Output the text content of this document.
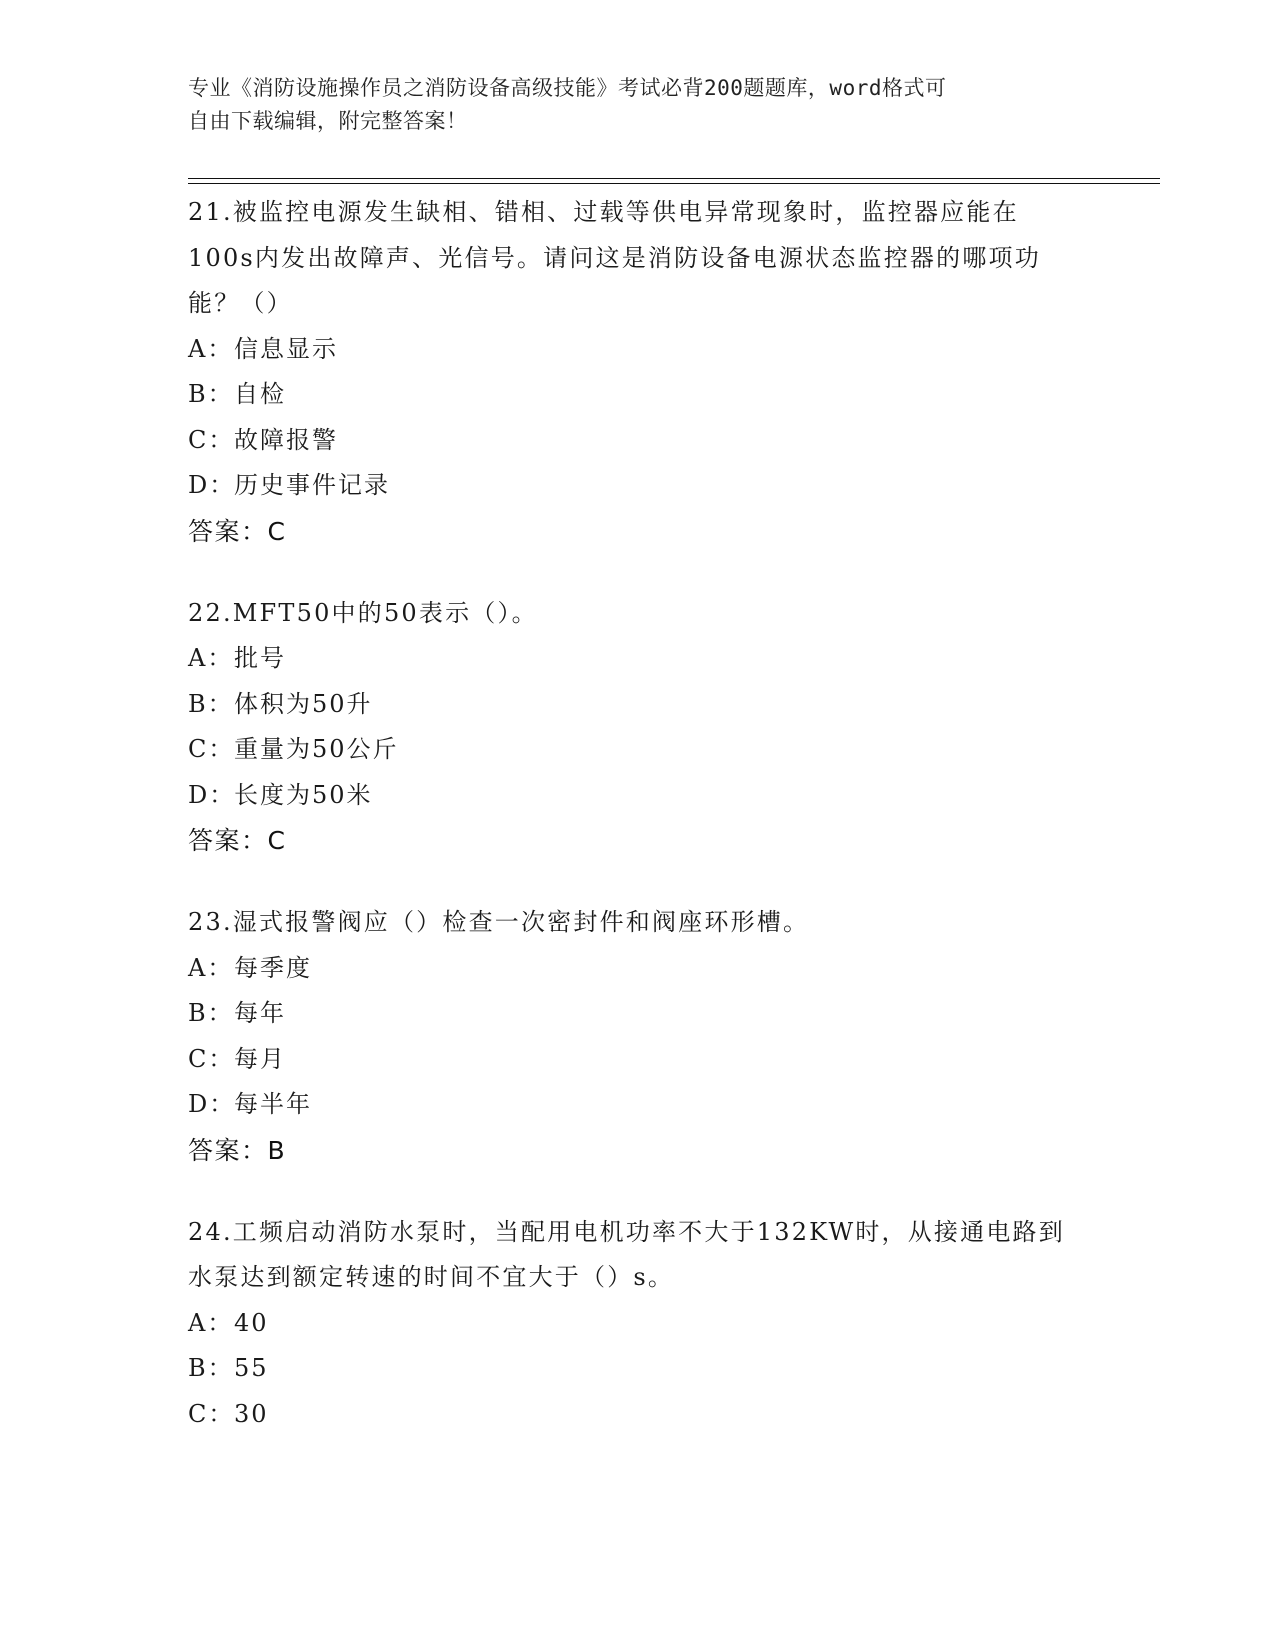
专业《消防设施操作员之消防设备高级技能》考试必背200题题库，word格式可
自由下载编辑，附完整答案！
21.被监控电源发生缺相、错相、过载等供电异常现象时，监控器应能在100s内发出故障声、光信号。请问这是消防设备电源状态监控器的哪项功能？（）
A：信息显示
B：自检
C：故障报警
D：历史事件记录
答案：C
22.MFT50中的50表示（）。
A：批号
B：体积为50升
C：重量为50公斤
D：长度为50米
答案：C
23.湿式报警阀应（）检查一次密封件和阀座环形槽。
A：每季度
B：每年
C：每月
D：每半年
答案：B
24.工频启动消防水泵时，当配用电机功率不大于132KW时，从接通电路到水泵达到额定转速的时间不宜大于（）s。
A：40
B：55
C：30
